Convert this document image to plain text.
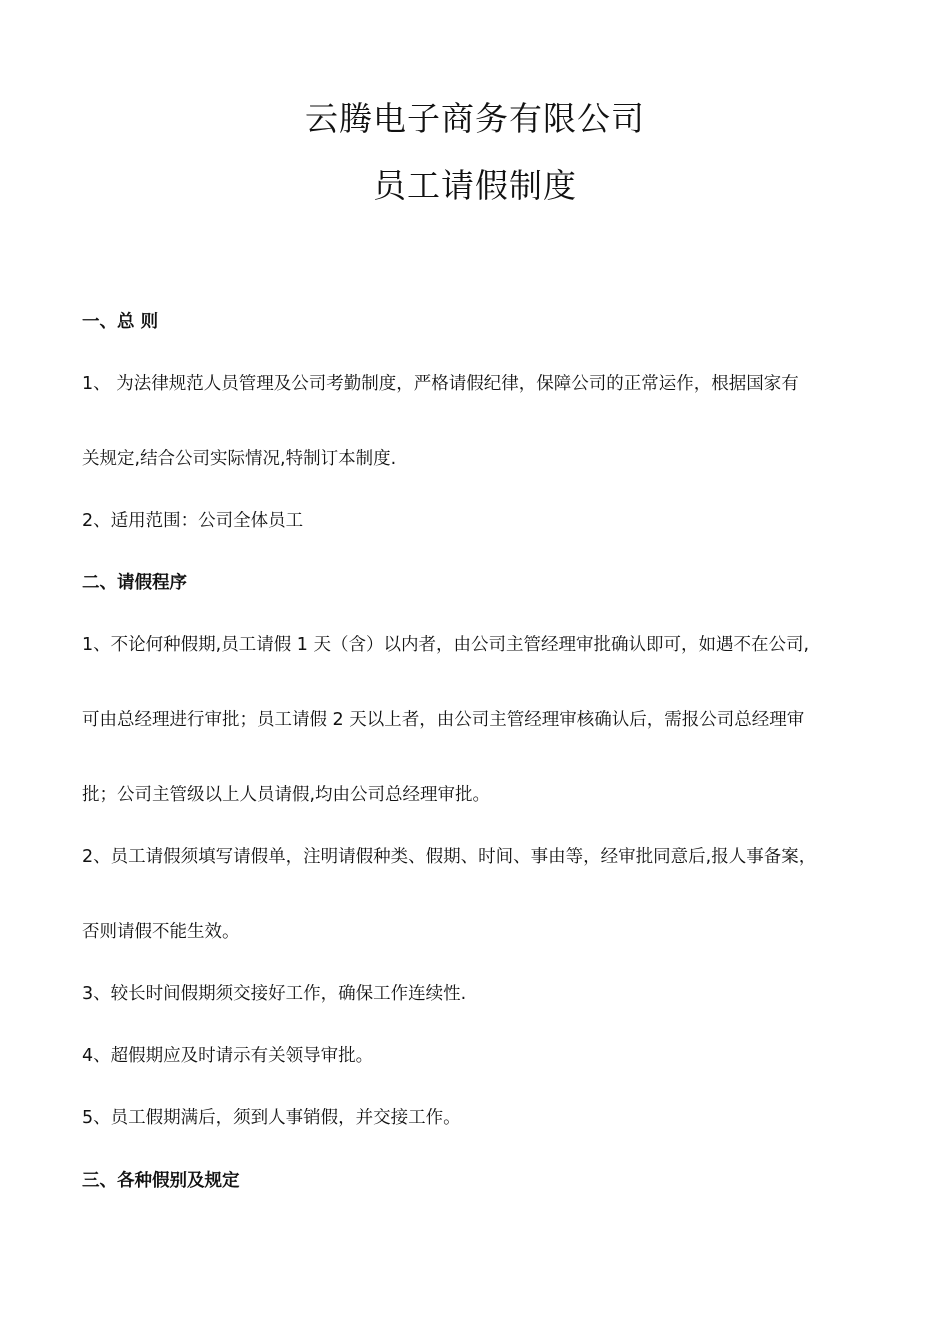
云腾电子商务有限公司
员工请假制度
一、总 则
1、 为法律规范人员管理及公司考勤制度，严格请假纪律，保障公司的正常运作，根据国家有
关规定,结合公司实际情况,特制订本制度.
2、适用范围：公司全体员工
二、请假程序
1、不论何种假期,员工请假 1 天（含）以内者，由公司主管经理审批确认即可，如遇不在公司,
可由总经理进行审批；员工请假 2 天以上者，由公司主管经理审核确认后，需报公司总经理审
批；公司主管级以上人员请假,均由公司总经理审批。
2、员工请假须填写请假单，注明请假种类、假期、时间、事由等，经审批同意后,报人事备案，
否则请假不能生效。
3、较长时间假期须交接好工作，确保工作连续性.
4、超假期应及时请示有关领导审批。
5、员工假期满后，须到人事销假，并交接工作。
三、各种假别及规定
